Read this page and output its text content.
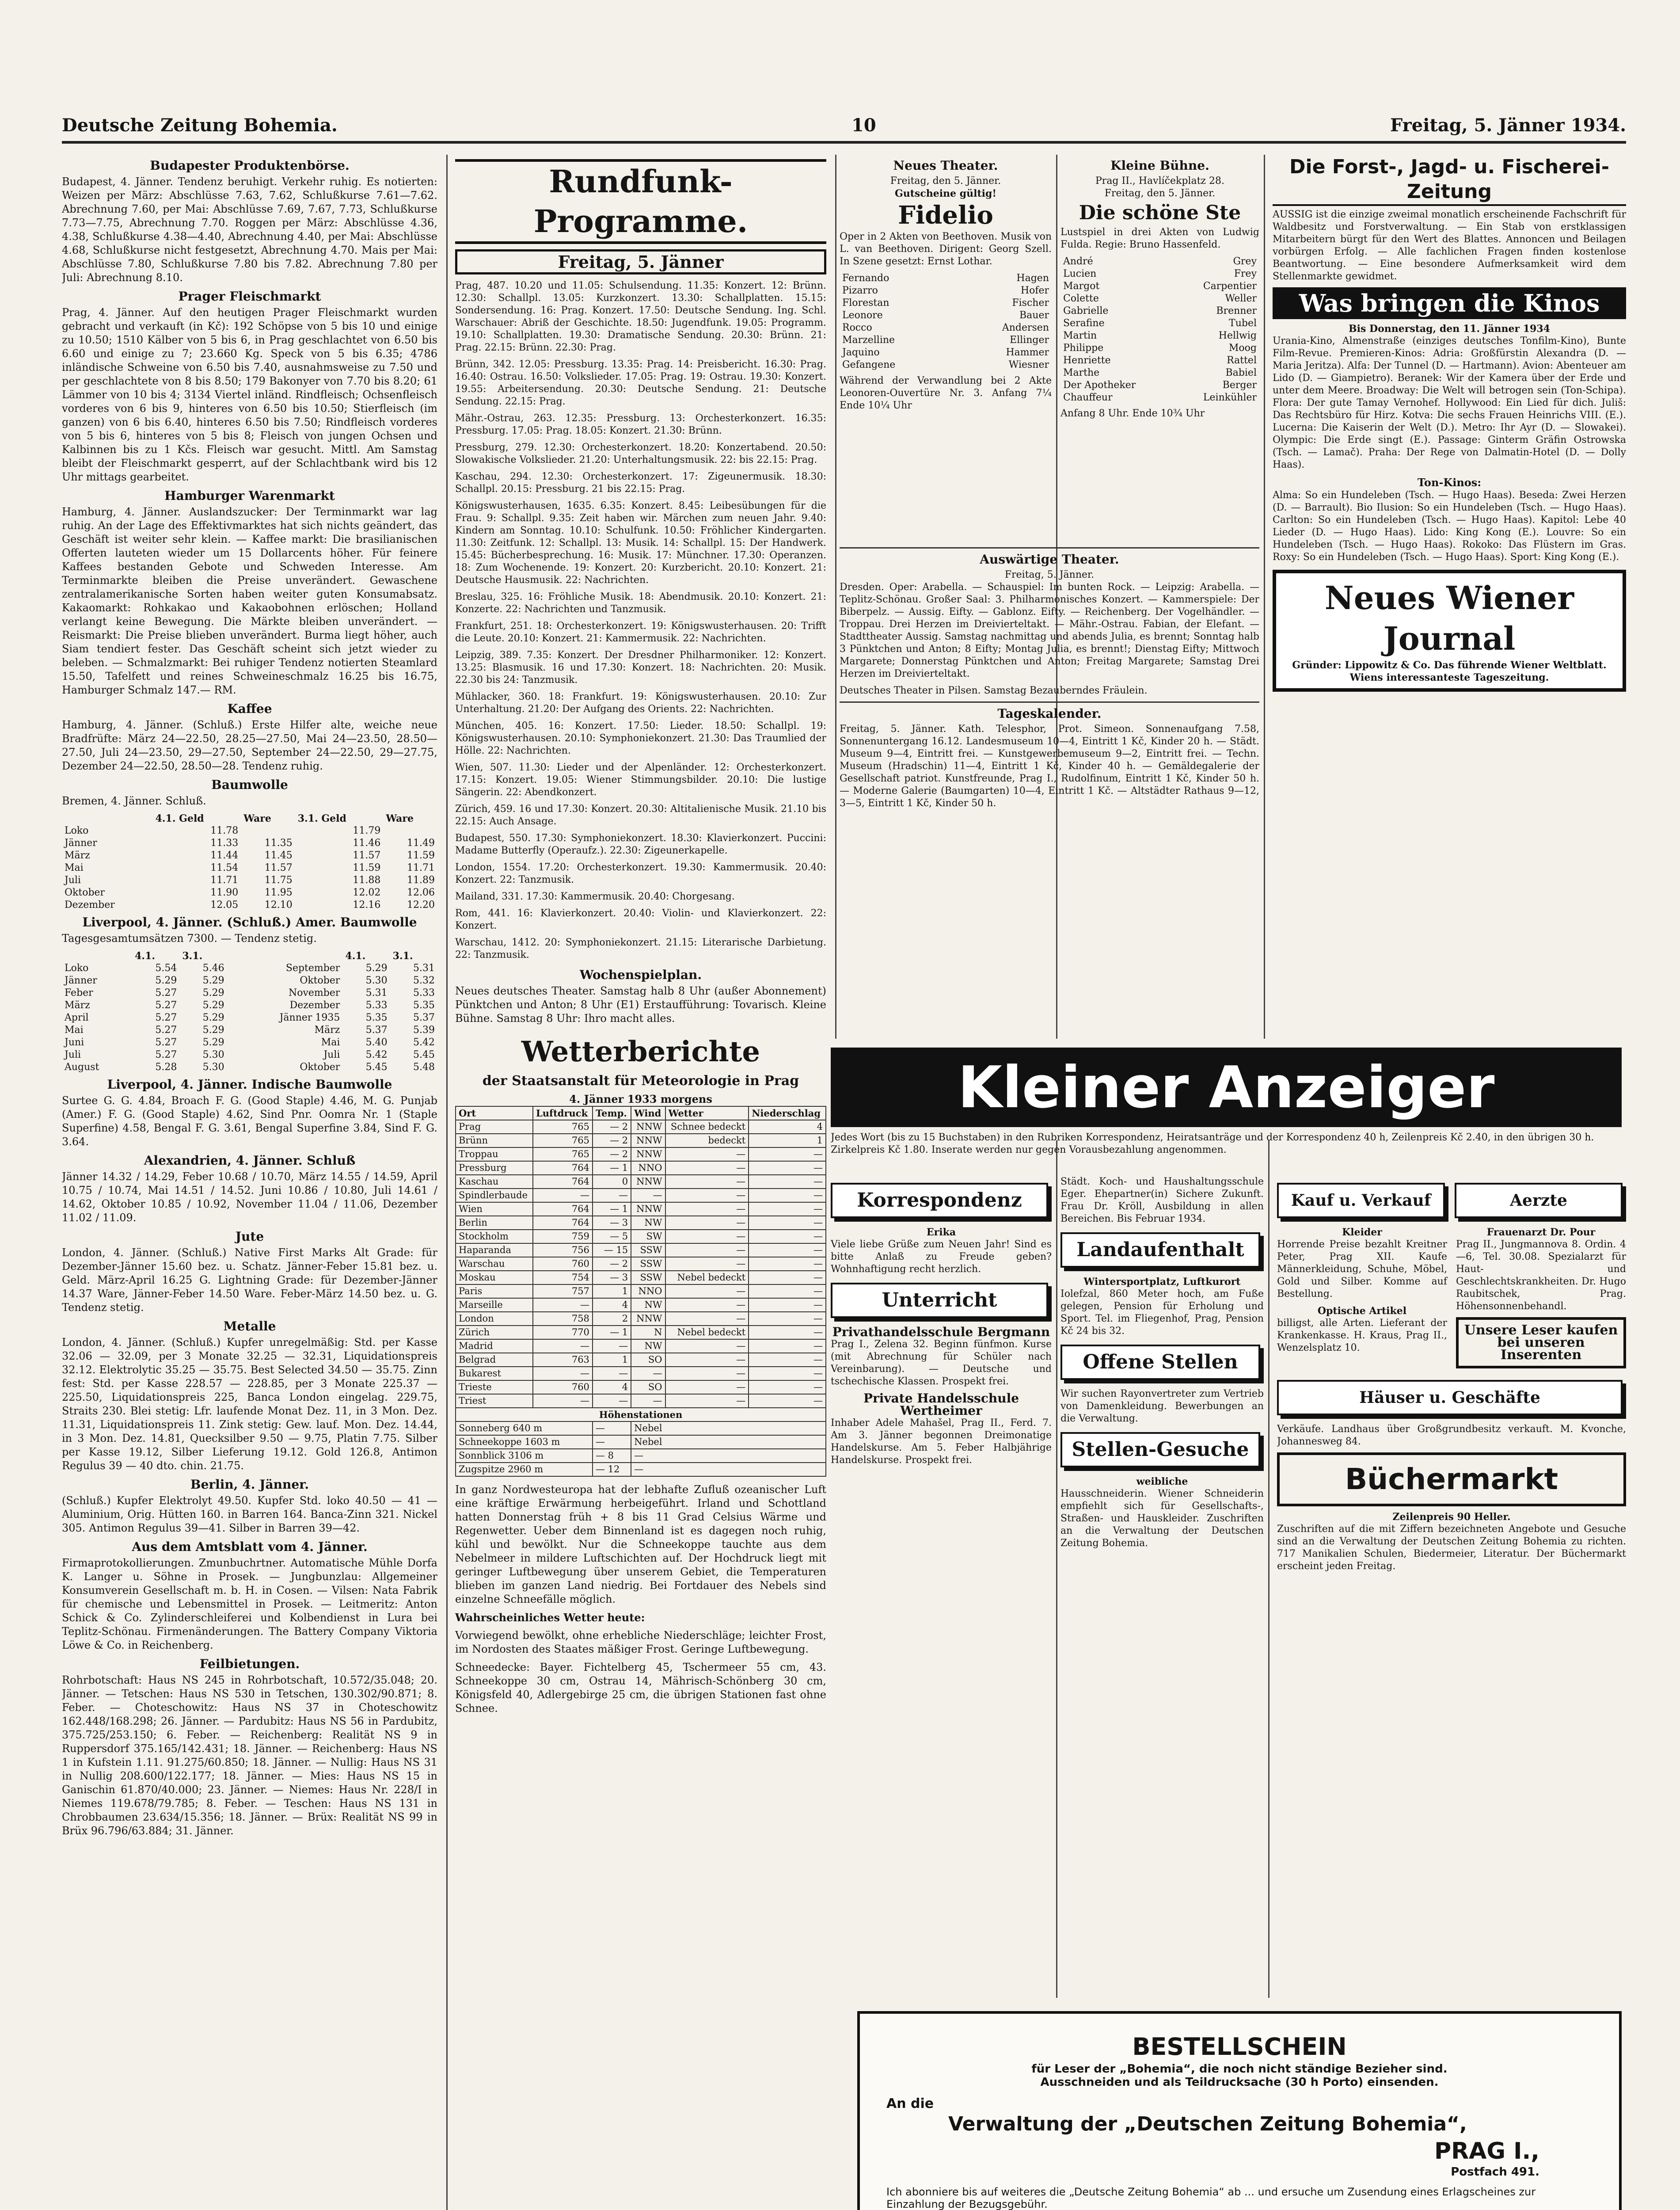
Deutsche Zeitung Bohemia.	10	Freitag, 5. Jänner 1934.
Budapester Produktenbörse.

Budapest, 4. Jänner. Tendenz beruhigt. Verkehr ruhig. Es notierten: Weizen per März: Abschlüsse 7.63, 7.62, Schlußkurse 7.61—7.62. Abrechnung 7.60, per Mai: Abschlüsse 7.69, 7.67, 7.73, Schlußkurse 7.73—7.75, Abrechnung 7.70. Roggen per März: Abschlüsse 4.36, 4.38, Schlußkurse 4.38—4.40, Abrechnung 4.40, per Mai: Abschlüsse 4.68, Schlußkurse nicht festgesetzt, Abrechnung 4.70. Mais per Mai: Abschlüsse 7.80, Schlußkurse 7.80 bis 7.82. Abrechnung 7.80 per Juli: Abrechnung 8.10.

Prager Fleischmarkt

Prag, 4. Jänner. Auf den heutigen Prager Fleischmarkt wurden gebracht und verkauft (in Kč): 192 Schöpse von 5 bis 10 und einige zu 10.50; 1510 Kälber von 5 bis 6, in Prag geschlachtet von 6.50 bis 6.60 und einige zu 7; 23.660 Kg. Speck von 5 bis 6.35; 4786 inländische Schweine von 6.50 bis 7.40, ausnahmsweise zu 7.50 und per geschlachtete von 8 bis 8.50; 179 Bakonyer von 7.70 bis 8.20; 61 Lämmer von 10 bis 4; 3134 Viertel inländ. Rindfleisch; Ochsenfleisch vorderes von 6 bis 9, hinteres von 6.50 bis 10.50; Stierfleisch (im ganzen) von 6 bis 6.40, hinteres 6.50 bis 7.50; Rindfleisch vorderes von 5 bis 6, hinteres von 5 bis 8; Fleisch von jungen Ochsen und Kalbinnen bis zu 1 Kčs. Fleisch war gesucht. Mittl. Am Samstag bleibt der Fleischmarkt gesperrt, auf der Schlachtbank wird bis 12 Uhr mittags gearbeitet.

Hamburger Warenmarkt

Hamburg, 4. Jänner. Auslandszucker: Der Terminmarkt war lag ruhig. An der Lage des Effektivmarktes hat sich nichts geändert, das Geschäft ist weiter sehr klein. — Kaffee markt: Die brasilianischen Offerten lauteten wieder um 15 Dollarcents höher. Für feinere Kaffees bestanden Gebote und Schweden Interesse. Am Terminmarkte bleiben die Preise unverändert. Gewaschene zentralamerikanische Sorten haben weiter guten Konsumabsatz. Kakaomarkt: Rohkakao und Kakaobohnen erlöschen; Holland verlangt keine Bewegung. Die Märkte bleiben unverändert. — Reismarkt: Die Preise blieben unverändert. Burma liegt höher, auch Siam tendiert fester. Das Geschäft scheint sich jetzt wieder zu beleben. — Schmalzmarkt: Bei ruhiger Tendenz notierten Steamlard 15.50, Tafelfett und reines Schweineschmalz 16.25 bis 16.75, Hamburger Schmalz 147.— RM.

Kaffee

Hamburg, 4. Jänner. (Schluß.) Erste Hilfer alte, weiche neue Bradfrüfte: März 24—22.50, 28.25—27.50, Mai 24—23.50, 28.50—27.50, Juli 24—23.50, 29—27.50, September 24—22.50, 29—27.75, Dezember 24—22.50, 28.50—28. Tendenz ruhig.

Baumwolle

Bremen, 4. Jänner. Schluß.

	4.1. Geld	Ware	3.1. Geld	Ware
Loko	11.78		11.79	
Jänner	11.33	11.35	11.46	11.49
März	11.44	11.45	11.57	11.59
Mai	11.54	11.57	11.59	11.71
Juli	11.71	11.75	11.88	11.89
Oktober	11.90	11.95	12.02	12.06
Dezember	12.05	12.10	12.16	12.20
Liverpool, 4. Jänner. (Schluß.) Amer. Baumwolle

Tagesgesamtumsätzen 7300. — Tendenz stetig.

	4.1.	3.1.		4.1.	3.1.
Loko	5.54	5.46	September	5.29	5.31
Jänner	5.29	5.29	Oktober	5.30	5.32
Feber	5.27	5.29	November	5.31	5.33
März	5.27	5.29	Dezember	5.33	5.35
April	5.27	5.29	Jänner 1935	5.35	5.37
Mai	5.27	5.29	März	5.37	5.39
Juni	5.27	5.29	Mai	5.40	5.42
Juli	5.27	5.30	Juli	5.42	5.45
August	5.28	5.30	Oktober	5.45	5.48
Liverpool, 4. Jänner. Indische Baumwolle

Surtee G. G. 4.84, Broach F. G. (Good Staple) 4.46, M. G. Punjab (Amer.) F. G. (Good Staple) 4.62, Sind Pnr. Oomra Nr. 1 (Staple Superfine) 4.58, Bengal F. G. 3.61, Bengal Superfine 3.84, Sind F. G. 3.64.

Alexandrien, 4. Jänner. Schluß

Jänner 14.32 / 14.29, Feber 10.68 / 10.70, März 14.55 / 14.59, April 10.75 / 10.74, Mai 14.51 / 14.52. Juni 10.86 / 10.80, Juli 14.61 / 14.62, Oktober 10.85 / 10.92, November 11.04 / 11.06, Dezember 11.02 / 11.09.

Jute

London, 4. Jänner. (Schluß.) Native First Marks Alt Grade: für Dezember-Jänner 15.60 bez. u. Schatz. Jänner-Feber 15.81 bez. u. Geld. März-April 16.25 G. Lightning Grade: für Dezember-Jänner 14.37 Ware, Jänner-Feber 14.50 Ware. Feber-März 14.50 bez. u. G. Tendenz stetig.

Metalle

London, 4. Jänner. (Schluß.) Kupfer unregelmäßig: Std. per Kasse 32.06 — 32.09, per 3 Monate 32.25 — 32.31, Liquidationspreis 32.12. Elektrolytic 35.25 — 35.75. Best Selected 34.50 — 35.75. Zinn fest: Std. per Kasse 228.57 — 228.85, per 3 Monate 225.37 — 225.50, Liquidationspreis 225, Banca London eingelag. 229.75, Straits 230. Blei stetig: Lfr. laufende Monat Dez. 11, in 3 Mon. Dez. 11.31, Liquidationspreis 11. Zink stetig: Gew. lauf. Mon. Dez. 14.44, in 3 Mon. Dez. 14.81, Quecksilber 9.50 — 9.75, Platin 7.75. Silber per Kasse 19.12, Silber Lieferung 19.12. Gold 126.8, Antimon Regulus 39 — 40 dto. chin. 21.75.

Berlin, 4. Jänner.

(Schluß.) Kupfer Elektrolyt 49.50. Kupfer Std. loko 40.50 — 41 — Aluminium, Orig. Hütten 160. in Barren 164. Banca-Zinn 321. Nickel 305. Antimon Regulus 39—41. Silber in Barren 39—42.

Aus dem Amtsblatt vom 4. Jänner.

Firmaprotokollierungen. Zmunbuchrtner. Automatische Mühle Dorfa K. Langer u. Söhne in Prosek. — Jungbunzlau: Allgemeiner Konsumverein Gesellschaft m. b. H. in Cosen. — Vilsen: Nata Fabrik für chemische und Lebensmittel in Prosek. — Leitmeritz: Anton Schick & Co. Zylinderschleiferei und Kolbendienst in Lura bei Teplitz-Schönau. Firmenänderungen. The Battery Company Viktoria Löwe & Co. in Reichenberg.

Feilbietungen.

Rohrbotschaft: Haus NS 245 in Rohrbotschaft, 10.572/35.048; 20. Jänner. — Tetschen: Haus NS 530 in Tetschen, 130.302/90.871; 8. Feber. — Choteschowitz: Haus NS 37 in Choteschowitz 162.448/168.298; 26. Jänner. — Pardubitz: Haus NS 56 in Pardubitz, 375.725/253.150; 6. Feber. — Reichenberg: Realität NS 9 in Ruppersdorf 375.165/142.431; 18. Jänner. — Reichenberg: Haus NS 1 in Kufstein 1.11. 91.275/60.850; 18. Jänner. — Nullig: Haus NS 31 in Nullig 208.600/122.177; 18. Jänner. — Mies: Haus NS 15 in Ganischin 61.870/40.000; 23. Jänner. — Niemes: Haus Nr. 228/I in Niemes 119.678/79.785; 8. Feber. — Teschen: Haus NS 131 in Chrobbaumen 23.634/15.356; 18. Jänner. — Brüx: Realität NS 99 in Brüx 96.796/63.884; 31. Jänner.

Rundfunk-Programme.
Freitag, 5. Jänner

Prag, 487. 10.20 und 11.05: Schulsendung. 11.35: Konzert. 12: Brünn. 12.30: Schallpl. 13.05: Kurzkonzert. 13.30: Schallplatten. 15.15: Sondersendung. 16: Prag. Konzert. 17.50: Deutsche Sendung. Ing. Schl. Warschauer: Abriß der Geschichte. 18.50: Jugendfunk. 19.05: Programm. 19.10: Schallplatten. 19.30: Dramatische Sendung. 20.30: Brünn. 21: Prag. 22.15: Brünn. 22.30: Prag.

Brünn, 342. 12.05: Pressburg. 13.35: Prag. 14: Preisbericht. 16.30: Prag. 16.40: Ostrau. 16.50: Volkslieder. 17.05: Prag. 19: Ostrau. 19.30: Konzert. 19.55: Arbeitersendung. 20.30: Deutsche Sendung. 21: Deutsche Sendung. 22.15: Prag.

Mähr.-Ostrau, 263. 12.35: Pressburg. 13: Orchesterkonzert. 16.35: Pressburg. 17.05: Prag. 18.05: Konzert. 21.30: Brünn.

Pressburg, 279. 12.30: Orchesterkonzert. 18.20: Konzertabend. 20.50: Slowakische Volkslieder. 21.20: Unterhaltungsmusik. 22: bis 22.15: Prag.

Kaschau, 294. 12.30: Orchesterkonzert. 17: Zigeunermusik. 18.30: Schallpl. 20.15: Pressburg. 21 bis 22.15: Prag.

Königswusterhausen, 1635. 6.35: Konzert. 8.45: Leibesübungen für die Frau. 9: Schallpl. 9.35: Zeit haben wir. Märchen zum neuen Jahr. 9.40: Kindern am Sonntag. 10.10: Schulfunk. 10.50: Fröhlicher Kindergarten. 11.30: Zeitfunk. 12: Schallpl. 13: Musik. 14: Schallpl. 15: Der Handwerk. 15.45: Bücherbesprechung. 16: Musik. 17: Münchner. 17.30: Operanzen. 18: Zum Wochenende. 19: Konzert. 20: Kurzbericht. 20.10: Konzert. 21: Deutsche Hausmusik. 22: Nachrichten.

Breslau, 325. 16: Fröhliche Musik. 18: Abendmusik. 20.10: Konzert. 21: Konzerte. 22: Nachrichten und Tanzmusik.

Frankfurt, 251. 18: Orchesterkonzert. 19: Königswusterhausen. 20: Trifft die Leute. 20.10: Konzert. 21: Kammermusik. 22: Nachrichten.

Leipzig, 389. 7.35: Konzert. Der Dresdner Philharmoniker. 12: Konzert. 13.25: Blasmusik. 16 und 17.30: Konzert. 18: Nachrichten. 20: Musik. 22.30 bis 24: Tanzmusik.

Mühlacker, 360. 18: Frankfurt. 19: Königswusterhausen. 20.10: Zur Unterhaltung. 21.20: Der Aufgang des Orients. 22: Nachrichten.

München, 405. 16: Konzert. 17.50: Lieder. 18.50: Schallpl. 19: Königswusterhausen. 20.10: Symphoniekonzert. 21.30: Das Traumlied der Hölle. 22: Nachrichten.

Wien, 507. 11.30: Lieder und der Alpenländer. 12: Orchesterkonzert. 17.15: Konzert. 19.05: Wiener Stimmungsbilder. 20.10: Die lustige Sängerin. 22: Abendkonzert.

Zürich, 459. 16 und 17.30: Konzert. 20.30: Altitalienische Musik. 21.10 bis 22.15: Auch Ansage.

Budapest, 550. 17.30: Symphoniekonzert. 18.30: Klavierkonzert. Puccini: Madame Butterfly (Operaufz.). 22.30: Zigeunerkapelle.

London, 1554. 17.20: Orchesterkonzert. 19.30: Kammermusik. 20.40: Konzert. 22: Tanzmusik.

Mailand, 331. 17.30: Kammermusik. 20.40: Chorgesang.

Rom, 441. 16: Klavierkonzert. 20.40: Violin- und Klavierkonzert. 22: Konzert.

Warschau, 1412. 20: Symphoniekonzert. 21.15: Literarische Darbietung. 22: Tanzmusik.

Wochenspielplan.

Neues deutsches Theater. Samstag halb 8 Uhr (außer Abonnement) Pünktchen und Anton; 8 Uhr (E1) Erstaufführung: Tovarisch. Kleine Bühne. Samstag 8 Uhr: Ihro macht alles.

Wetterberichte
der Staatsanstalt für Meteorologie in Prag
4. Jänner 1933 morgens
Ort	Luftdruck	Temp.	Wind	Wetter	Niederschlag
Prag	765	— 2	NNW	Schnee bedeckt	4
Brünn	765	— 2	NNW	bedeckt	1
Troppau	765	— 2	NNW	—	—
Pressburg	764	— 1	NNO	—	—
Kaschau	764	0	NNW	—	—
Spindlerbaude	—	—	—	—	—
Wien	764	— 1	NNW	—	—
Berlin	764	— 3	NW	—	—
Stockholm	759	— 5	SW	—	—
Haparanda	756	— 15	SSW	—	—
Warschau	760	— 2	SSW	—	—
Moskau	754	— 3	SSW	Nebel bedeckt	—
Paris	757	1	NNO	—	—
Marseille	—	4	NW	—	—
London	758	2	NNW	—	—
Zürich	770	— 1	N	Nebel bedeckt	—
Madrid	—	—	NW	—	—
Belgrad	763	1	SO	—	—
Bukarest	—	—	—	—	—
Trieste	760	4	SO	—	—
Triest	—	—	—	—	—
Höhenstationen					
Sonneberg 640 m		—	Nebel		
Schneekoppe 1603 m		—	Nebel		
Sonnblick 3106 m		— 8	—		
Zugspitze 2960 m		— 12	—		

In ganz Nordwesteuropa hat der lebhafte Zufluß ozeanischer Luft eine kräftige Erwärmung herbeigeführt. Irland und Schottland hatten Donnerstag früh + 8 bis 11 Grad Celsius Wärme und Regenwetter. Ueber dem Binnenland ist es dagegen noch ruhig, kühl und bewölkt. Nur die Schneekoppe tauchte aus dem Nebelmeer in mildere Luftschichten auf. Der Hochdruck liegt mit geringer Luftbewegung über unserem Gebiet, die Temperaturen blieben im ganzen Land niedrig. Bei Fortdauer des Nebels sind einzelne Schneefälle möglich.

Wahrscheinliches Wetter heute:

Vorwiegend bewölkt, ohne erhebliche Niederschläge; leichter Frost, im Nordosten des Staates mäßiger Frost. Geringe Luftbewegung.

Schneedecke: Bayer. Fichtelberg 45, Tschermeer 55 cm, 43. Schneekoppe 30 cm, Ostrau 14, Mährisch-Schönberg 30 cm, Königsfeld 40, Adlergebirge 25 cm, die übrigen Stationen fast ohne Schnee.

Neues Theater.
Freitag, den 5. Jänner.
Gutscheine gültig!
Fidelio

Oper in 2 Akten von Beethoven. Musik von L. van Beethoven. Dirigent: Georg Szell. In Szene gesetzt: Ernst Lothar.

Fernando	Hagen
Pizarro	Hofer
Florestan	Fischer
Leonore	Bauer
Rocco	Andersen
Marzelline	Ellinger
Jaquino	Hammer
Gefangene	Wiesner

Während der Verwandlung bei 2 Akte Leonoren-Ouvertüre Nr. 3. Anfang 7¼ Ende 10¼ Uhr

Kleine Bühne.
Prag II., Havlíčekplatz 28.
Freitag, den 5. Jänner.
Die schöne Ste

Lustspiel in drei Akten von Ludwig Fulda. Regie: Bruno Hassenfeld.

André	Grey
Lucien	Frey
Margot	Carpentier
Colette	Weller
Gabrielle	Brenner
Serafine	Tubel
Martin	Hellwig
Philippe	Moog
Henriette	Rattel
Marthe	Babiel
Der Apotheker	Berger
Chauffeur	Leinkühler

Anfang 8 Uhr. Ende 10¾ Uhr

Auswärtige Theater.
Freitag, 5. Jänner.

Dresden. Oper: Arabella. — Schauspiel: Im bunten Rock. — Leipzig: Arabella. — Teplitz-Schönau. Großer Saal: 3. Philharmonisches Konzert. — Kammerspiele: Der Biberpelz. — Aussig. Eifty. — Gablonz. Eifty. — Reichenberg. Der Vogelhändler. — Troppau. Drei Herzen im Dreivierteltakt. — Mähr.-Ostrau. Fabian, der Elefant. — Stadttheater Aussig. Samstag nachmittag und abends Julia, es brennt; Sonntag halb 3 Pünktchen und Anton; 8 Eifty; Montag Julia, es brennt!; Dienstag Eifty; Mittwoch Margarete; Donnerstag Pünktchen und Anton; Freitag Margarete; Samstag Drei Herzen im Dreivierteltakt.

Deutsches Theater in Pilsen. Samstag Bezauberndes Fräulein.

Tageskalender.

Freitag, 5. Jänner. Kath. Telesphor, Prot. Simeon. Sonnenaufgang 7.58, Sonnenuntergang 16.12. Landesmuseum 10—4, Eintritt 1 Kč, Kinder 20 h. — Städt. Museum 9—4, Eintritt frei. — Kunstgewerbemuseum 9—2, Eintritt frei. — Techn. Museum (Hradschin) 11—4, Eintritt 1 Kč, Kinder 40 h. — Gemäldegalerie der Gesellschaft patriot. Kunstfreunde, Prag I., Rudolfinum, Eintritt 1 Kč, Kinder 50 h. — Moderne Galerie (Baumgarten) 10—4, Eintritt 1 Kč. — Altstädter Rathaus 9—12, 3—5, Eintritt 1 Kč, Kinder 50 h.

Die Forst-, Jagd- u. Fischerei-Zeitung

AUSSIG ist die einzige zweimal monatlich erscheinende Fachschrift für Waldbesitz und Forstverwaltung. — Ein Stab von erstklassigen Mitarbeitern bürgt für den Wert des Blattes. Annoncen und Beilagen vorbürgen Erfolg. — Alle fachlichen Fragen finden kostenlose Beantwortung. — Eine besondere Aufmerksamkeit wird dem Stellenmarkte gewidmet.

Was bringen die Kinos
Bis Donnerstag, den 11. Jänner 1934

Urania-Kino, Almenstraße (einziges deutsches Tonfilm-Kino), Bunte Film-Revue. Premieren-Kinos: Adria: Großfürstin Alexandra (D. — Maria Jeritza). Alfa: Der Tunnel (D. — Hartmann). Avion: Abenteuer am Lido (D. — Giampietro). Beranek: Wir der Kamera über der Erde und unter dem Meere. Broadway: Die Welt will betrogen sein (Ton-Schipa). Flora: Der gute Tamay Vernohef. Hollywood: Ein Lied für dich. Juliš: Das Rechtsbüro für Hirz. Kotva: Die sechs Frauen Heinrichs VIII. (E.). Lucerna: Die Kaiserin der Welt (D.). Metro: Ihr Ayr (D. — Slowakei). Olympic: Die Erde singt (E.). Passage: Ginterm Gräfin Ostrowska (Tsch. — Lamač). Praha: Der Rege von Dalmatin-Hotel (D. — Dolly Haas).

Ton-Kinos:

Alma: So ein Hundeleben (Tsch. — Hugo Haas). Beseda: Zwei Herzen (D. — Barrault). Bio Ilusion: So ein Hundeleben (Tsch. — Hugo Haas). Carlton: So ein Hundeleben (Tsch. — Hugo Haas). Kapitol: Lebe 40 Lieder (D. — Hugo Haas). Lido: King Kong (E.). Louvre: So ein Hundeleben (Tsch. — Hugo Haas). Rokoko: Das Flüstern im Gras. Roxy: So ein Hundeleben (Tsch. — Hugo Haas). Sport: King Kong (E.).

Neues Wiener Journal
Gründer: Lippowitz & Co. Das führende Wiener Weltblatt. Wiens interessanteste Tageszeitung.
Kleiner Anzeiger
Jedes Wort (bis zu 15 Buchstaben) in den Rubriken Korrespondenz, Heiratsanträge und der Korrespondenz 40 h, Zeilenpreis Kč 2.40, in den übrigen 30 h. Zirkelpreis Kč 1.80. Inserate werden nur gegen Vorausbezahlung angenommen.
Korrespondenz
Erika

Viele liebe Grüße zum Neuen Jahr! Sind es bitte Anlaß zu Freude geben? Wohnhaftigung recht herzlich.

Unterricht
Privathandelsschule Bergmann

Prag I., Zelena 32. Beginn fünfmon. Kurse (mit Abrechnung für Schüler nach Vereinbarung). — Deutsche und tschechische Klassen. Prospekt frei.

Private Handelsschule Wertheimer

Inhaber Adele Mahašel, Prag II., Ferd. 7. Am 3. Jänner begonnen Dreimonatige Handelskurse. Am 5. Feber Halbjährige Handelskurse. Prospekt frei.

Städt. Koch- und Haushaltungsschule Eger. Ehepartner(in) Sichere Zukunft. Frau Dr. Kröll, Ausbildung in allen Bereichen. Bis Februar 1934.

Landaufenthalt
Wintersportplatz, Luftkurort

Iolefzal, 860 Meter hoch, am Fuße gelegen, Pension für Erholung und Sport. Tel. im Fliegenhof, Prag, Pension Kč 24 bis 32.

Offene Stellen

Wir suchen Rayonvertreter zum Vertrieb von Damenkleidung. Bewerbungen an die Verwaltung.

Stellen-Gesuche
weibliche

Hausschneiderin. Wiener Schneiderin empfiehlt sich für Gesellschafts-, Straßen- und Hauskleider. Zuschriften an die Verwaltung der Deutschen Zeitung Bohemia.

Kauf u. Verkauf	Aerzte
Kleider

Horrende Preise bezahlt Kreitner Peter, Prag XII. Kaufe Männerkleidung, Schuhe, Möbel, Gold und Silber. Komme auf Bestellung.

Optische Artikel

billigst, alle Arten. Lieferant der Krankenkasse. H. Kraus, Prag II., Wenzelsplatz 10.

Frauenarzt Dr. Pour

Prag II., Jungmannova 8. Ordin. 4—6, Tel. 30.08. Spezialarzt für Haut- und Geschlechtskrankheiten. Dr. Hugo Raubitschek, Prag. Höhensonnenbehandl.

Unsere Leser kaufen bei unseren Inserenten
Häuser u. Geschäfte

Verkäufe. Landhaus über Großgrundbesitz verkauft. M. Kvonche, Johannesweg 84.

Büchermarkt
Zeilenpreis 90 Heller.

Zuschriften auf die mit Ziffern bezeichneten Angebote und Gesuche sind an die Verwaltung der Deutschen Zeitung Bohemia zu richten. 717 Manikalien Schulen, Biedermeier, Literatur. Der Büchermarkt erscheint jeden Freitag.

BESTELLSCHEIN
für Leser der „Bohemia“, die noch nicht ständige Bezieher sind.
Ausschneiden und als Teildrucksache (30 h Porto) einsenden.
An die
Verwaltung der „Deutschen Zeitung Bohemia“,
PRAG I.,
Postfach 491.
Ich abonniere bis auf weiteres die „Deutsche Zeitung Bohemia“ ab ... und ersuche um Zusendung eines Erlagscheines zur Einzahlung der Bezugsgebühr.
